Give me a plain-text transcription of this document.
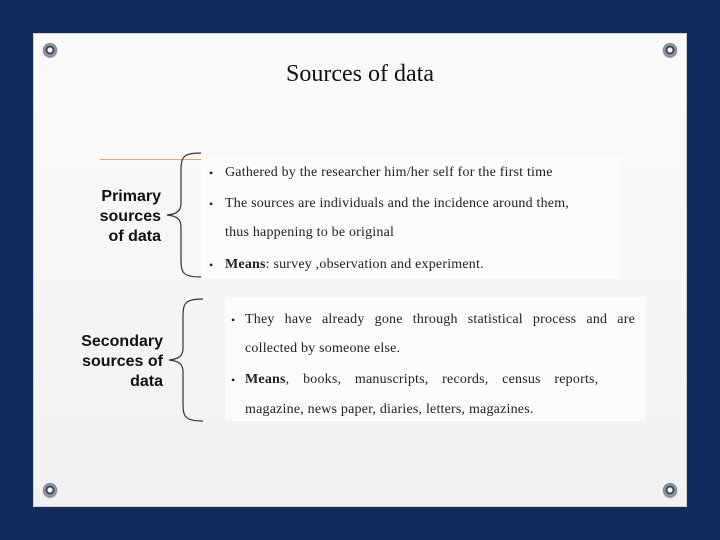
Sources of data
Primary
sources
of data
• Gathered by the researcher him/her self for the first time
• The sources are individuals and the incidence around them,
thus happening to be original
• Means: survey ,observation and experiment.
Secondary
sources of
data
• They have already gone through statistical process and are
collected by someone else.
• Means, books, manuscripts, records, census reports,
magazine, news paper, diaries, letters, magazines.
